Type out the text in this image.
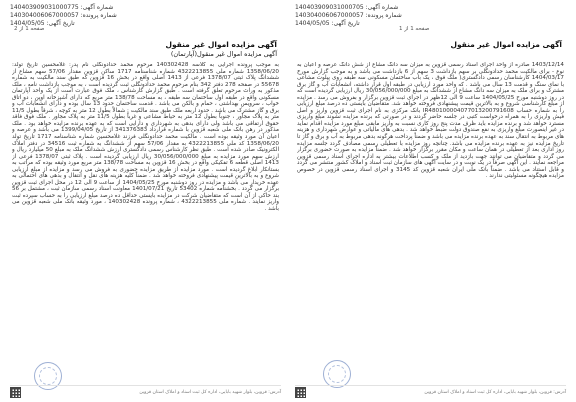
شماره آگهی: 140403909031000705
شماره پرونده: 140304006067000057
تاریخ آگهی: 1404/05/05
صفحه 1 از 1
آگهی مزایده اموال غیر منقول
1403/12/14 صادره از واحد اجرای اسناد رسمی قزوین به میزان سه دانگ مشاع از شش دانگ عرصه و اعیان به نوع - برای مالکیت محمد حدادونگلی بر سهم بازداشت 3 سهم از 6 بازداشت می باشد و به موجب گزارش مورخ 1404/03/17 کارشناسان رسمی دادگستری( ملک فوق ، یک باب ساختمان مسکونی سه طبقه روی پیلوت مشاعی با نمای سنگ و قدمت 13 سال می باشد . که واحد مورد ارزیابی در طبقه اول قرار داشته، انشعابات آب و گاز برق مشترک و برای ملک به میزان سه دانگ مشاع از ششدانگ به مبلغ 30/056/000/000 ریال ارزیابی گردیده است که در روز دوشنبه مورخ 1404/05/25 ساعت 9 الی 12ظهر در اجرای ثبت قزوین برگزار و بفروش می رسد . مزایده از مبلغ کارشناسی شروع و به بالاترین قیمت پیشنهادی فروخته خواهد شد. متقاضیان بایستی ده درصد مبلغ ارزیابی را به شماره حساب IR480100004077013200791608 بانک مرکزی به نام اجرای ثبت قزوین واریز و اصل فیش واریزی را به همراه درخواست کتبی در جلسه حاضر گردند و در صورتی که برنده مزایده نشوند مبلغ واریزی مسترد خواهد شد و برنده مزایده باید ظرف مدت پنج روز کاری نسبت به واریز مابقی مبلغ مورد مزایده اقدام نماید در غیر اینصورت مبلغ واریزی به نفع صندوق دولت ضبط خواهد شد . بدهی های مالیاتی و عوارض شهرداری و هزینه های مربوط به انتقال سند به عهده برنده مزایده می باشد و ضمناً پرداخت هرگونه بدهی مربوط به آب و برق و گاز تا تاریخ مزایده نیز به عهده برنده مزایده می باشد. چنانچه روز مزایده با تعطیلی رسمی مصادف گردد جلسه مزایده روز اداری بعد از تعطیلی در همان ساعت و مکان مقرر برگزار خواهد شد . ضمناً مزایده به صورت حضوری برگزار می گردد و متقاضیان می توانند جهت بازدید از ملک و کسب اطلاعات بیشتر به اداره اجرای اسناد رسمی قزوین مراجعه نمایند . این آگهی صرفاً در یک نوبت و در سایت آگهی های سازمان ثبت اسناد و املاک کشور منتشر می گردد و قابل استناد می باشد . ضمناً بانک ملی ایران شعبه قزوین کد 3145 و اجرای اسناد رسمی قزوین در خصوص مزایده هیچگونه مسئولیتی ندارند .
آدرس: قزوین، بلوار شهید بابایی، اداره کل ثبت اسناد و املاک استان قزوین
شماره آگهی: 140403909031000775
شماره پرونده: 140304006067000057
تاریخ آگهی: 1404/05/05
صفحه 1 از 2
آگهی مزایده اموال غیر منقول
آگهی مزایده اموال غیر منقول(آپارتمان)
به موجب پرونده اجرایی به کلاسه 140302428 مرحوم محمد حدادونگلی نام پدر: غلامحسین تاریخ تولد: 1358/06/20 شماره ملی 4322213855 شماره شناسنامه 1717 ساکن قزوین مقدار 57/06 سهم مشاع از ششدانگ پلاک ثبتی 1378/07 فرعی از 1413 اصلی واقع در بخش 16 قزوین که طبق سند مالکیت به شماره 55678 در صفحه 278 دفتر 342 بنام مرحوم محمد حدادونگلی ثبت گردیده است ، به موجب بازداشت نامه ، ملک مذکور به وراث مرحوم تعلق گرفته است . طبق گزارش کارشناس ، ملک فوق عبارت است از یک واحد آپارتمان مسکونی واقع در طبقه اول ساختمان سه طبقه ، به مساحت 138/78 متر مربع که دارای آشپزخانه اوپن ، دو اتاق خواب ، سرویس بهداشتی ، حمام و بالکن می باشد . قدمت ساختمان حدود 13 سال بوده و دارای انشعابات آب و برق و گاز مشترک می باشد . حدود اربعه ملک طبق سند مالکیت : شمالاً بطول 12 متر به کوچه ، شرقاً بطول 11/5 متر به پلاک مجاور ، جنوباً بطول 12 متر به حیاط مشاعی و غرباً بطول 11/5 متر به پلاک مجاور . ملک فوق فاقد حقوق ارتفاقی می باشد ولی دارای بدهی به شهرداری و دارایی است که به عهده برنده مزایده خواهد بود . ملک مذکور در رهن بانک ملی شعبه قزوین با شماره قرارداد 341376383 از تاریخ 1399/04/05 می باشد و عرصه و اعیان آن مورد وثیقه بوده است . مالکیت محمد حدادونگلی فرزند غلامحسین شماره شناسنامه 1717 تاریخ تولد 1358/06/20 کد ملی 4322213855 به مقدار 57/06 سهم از ششدانگ به شماره ثبت 34516 در دفتر املاک الکترونیک صادر شده است . طبق نظر کارشناس رسمی دادگستری ارزش ششدانگ ملک به مبلغ 50 میلیارد ریال و ارزش سهم مورد مزایده به مبلغ 30/056/000/000 ریال ارزیابی گردیده است . پلاک ثبتی 1378/07 فرعی از 1413 اصلی قطعه 6 تفکیکی واقع در بخش 16 قزوین به مساحت 138/78 متر مربع مورد وثیقه بوده که مراتب به بستانکار ابلاغ گردیده است . مورد مزایده از طریق مزایده حضوری به فروش می رسد و مزایده از مبلغ ارزیابی شروع و به بالاترین قیمت پیشنهادی فروخته خواهد شد . ضمناً کلیه هزینه های نقل و انتقال و بدهی های احتمالی به عهده خریدار می باشد و مزایده در روز دوشنبه مورخ 1404/05/25 از ساعت 9 الی 12 در محل اجرای ثبت قزوین برگزار می گردد . بخشنامه شماره 53402 تاریخ 1401/07/21 معاونت اسناد رسمی سازمان ثبت ، مشتمل بر 56 بند حاکی از آن است که متقاضیان شرکت در مزایده بایستی حداقل ده درصد مبلغ ارزیابی را به حساب سپرده ثبت واریز نمایند . شماره ملی 4322213855 ، شماره پرونده 140302428 ، مورد وثیقه بانک ملی شعبه قزوین می باشد .
آدرس: قزوین، بلوار شهید بابایی، اداره کل ثبت اسناد و املاک استان قزوین
